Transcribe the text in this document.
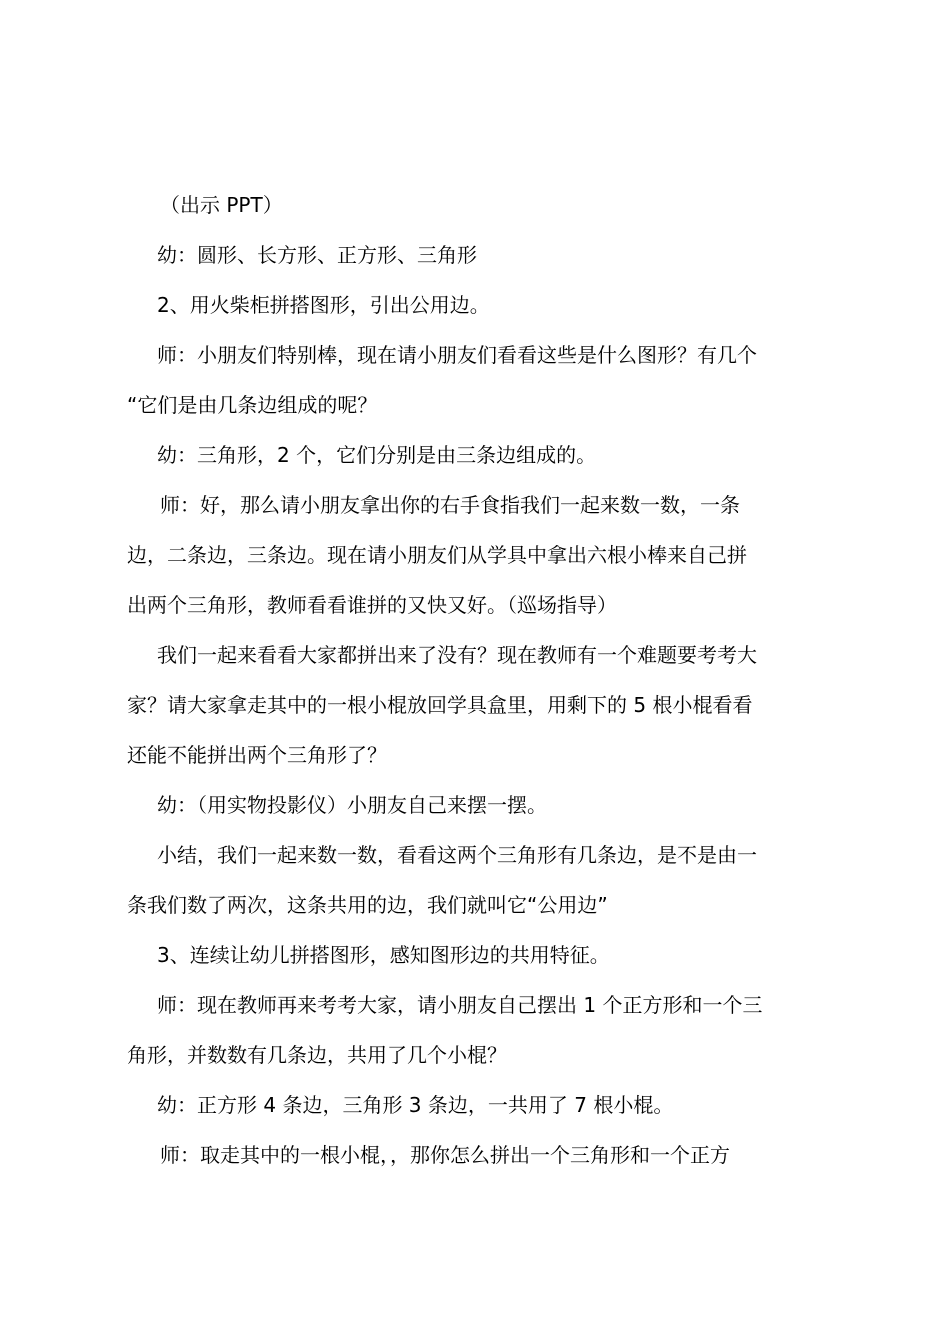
（出示 PPT）
幼：圆形、长方形、正方形、三角形
2、用火柴柜拼搭图形，引出公用边。
师：小朋友们特别棒，现在请小朋友们看看这些是什么图形？有几个
“它们是由几条边组成的呢？
幼：三角形，2 个，它们分别是由三条边组成的。
师：好，那么请小朋友拿出你的右手食指我们一起来数一数，一条
边，二条边，三条边。现在请小朋友们从学具中拿出六根小棒来自己拼
出两个三角形，教师看看谁拼的又快又好。（巡场指导）
我们一起来看看大家都拼出来了没有？现在教师有一个难题要考考大
家？请大家拿走其中的一根小棍放回学具盒里，用剩下的 5 根小棍看看
还能不能拼出两个三角形了？
幼：（用实物投影仪）小朋友自己来摆一摆。
小结，我们一起来数一数，看看这两个三角形有几条边，是不是由一
条我们数了两次，这条共用的边，我们就叫它“公用边”
3、连续让幼儿拼搭图形，感知图形边的共用特征。
师：现在教师再来考考大家，请小朋友自己摆出 1 个正方形和一个三
角形，并数数有几条边，共用了几个小棍？
幼：正方形 4 条边，三角形 3 条边，一共用了 7 根小棍。
师：取走其中的一根小棍，，那你怎么拼出一个三角形和一个正方
